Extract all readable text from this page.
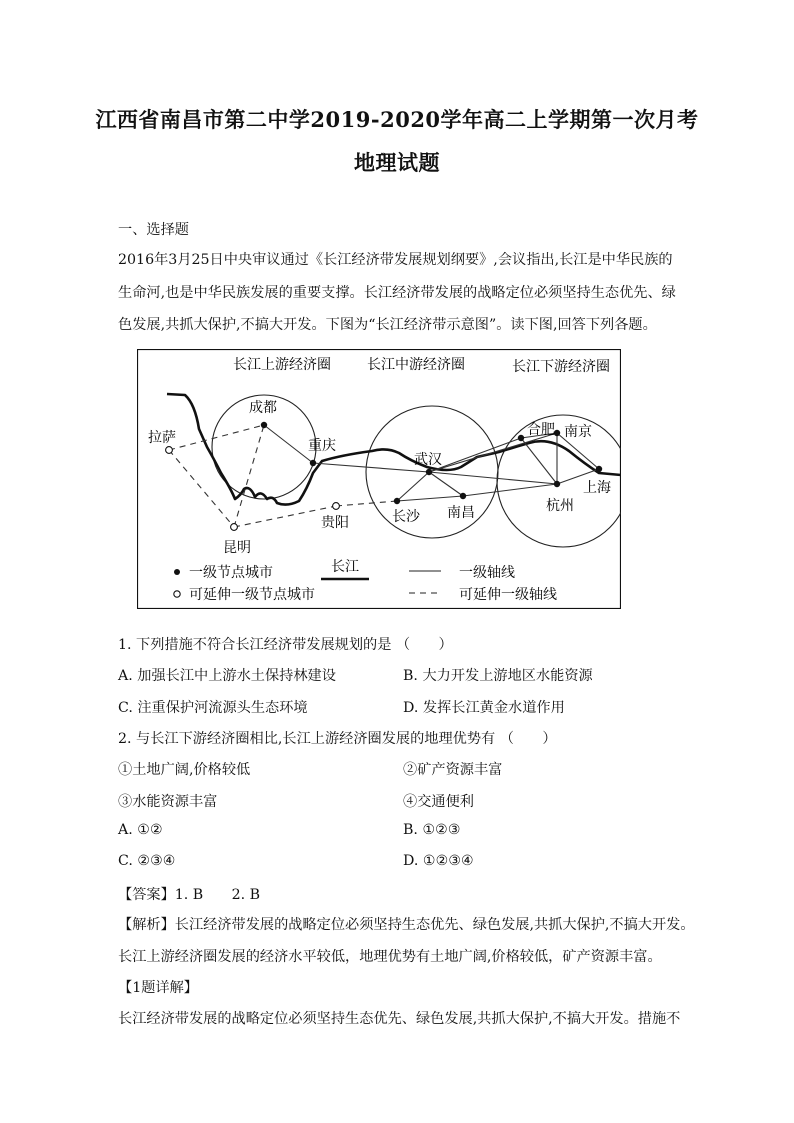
江西省南昌市第二中学2019-2020学年高二上学期第一次月考
地理试题
一、选择题
2016年3月25日中央审议通过《长江经济带发展规划纲要》,会议指出,长江是中华民族的
生命河,也是中华民族发展的重要支撑。长江经济带发展的战略定位必须坚持生态优先、绿
色发展,共抓大保护,不搞大开发。下图为“长江经济带示意图”。读下图,回答下列各题。
长江上游经济圈	长江中游经济圈	长江下游经济圈
成都
重庆
武汉
合肥 南京
上海
长沙 南昌	杭州
拉萨
昆明
贵阳
一级节点城市
可延伸一级节点城市
长江	一级轴线
可延伸一级轴线
1. 下列措施不符合长江经济带发展规划的是 （　　）
A. 加强长江中上游水土保持林建设	B. 大力开发上游地区水能资源
C. 注重保护河流源头生态环境	D. 发挥长江黄金水道作用
2. 与长江下游经济圈相比,长江上游经济圈发展的地理优势有 （　　）
①土地广阔,价格较低	②矿产资源丰富
③水能资源丰富	④交通便利
A. ①②	B. ①②③
C. ②③④	D. ①②③④
【答案】1. B　　2. B
【解析】长江经济带发展的战略定位必须坚持生态优先、绿色发展,共抓大保护,不搞大开发。
长江上游经济圈发展的经济水平较低，地理优势有土地广阔,价格较低，矿产资源丰富。
【1题详解】
长江经济带发展的战略定位必须坚持生态优先、绿色发展,共抓大保护,不搞大开发。措施不
